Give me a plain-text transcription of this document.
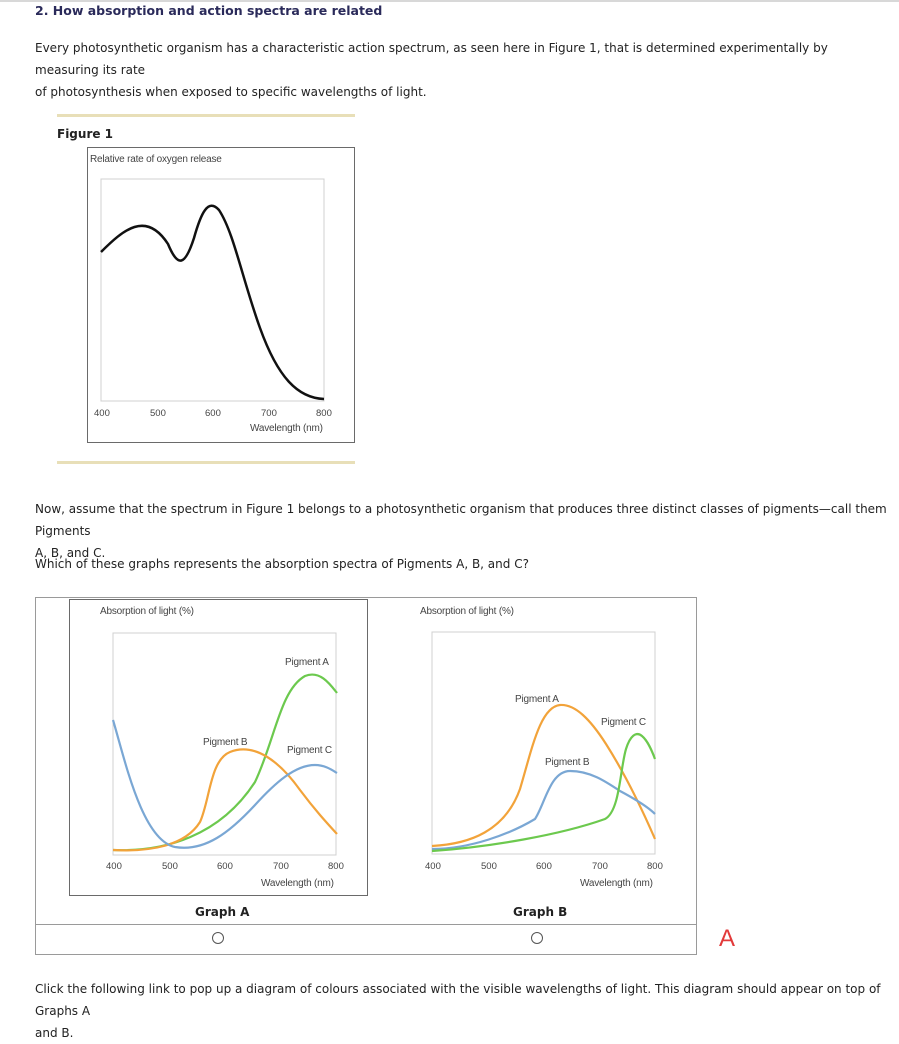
2. How absorption and action spectra are related
Every photosynthetic organism has a characteristic action spectrum, as seen here in Figure 1, that is determined experimentally by measuring its rate
of photosynthesis when exposed to specific wavelengths of light.
Figure 1
Relative rate of oxygen release
400	500	600	700	800
Wavelength (nm)
Now, assume that the spectrum in Figure 1 belongs to a photosynthetic organism that produces three distinct classes of pigments—call them Pigments
A, B, and C.
Which of these graphs represents the absorption spectra of Pigments A, B, and C?
Absorption of light (%)
Pigment A
Pigment B
Pigment C
400	500	600	700	800
Wavelength (nm)
Graph A
Absorption of light (%)
Pigment A
Pigment C
Pigment B
400	500	600	700	800
Wavelength (nm)
Graph B
A
Click the following link to pop up a diagram of colours associated with the visible wavelengths of light. This diagram should appear on top of Graphs A
and B.
